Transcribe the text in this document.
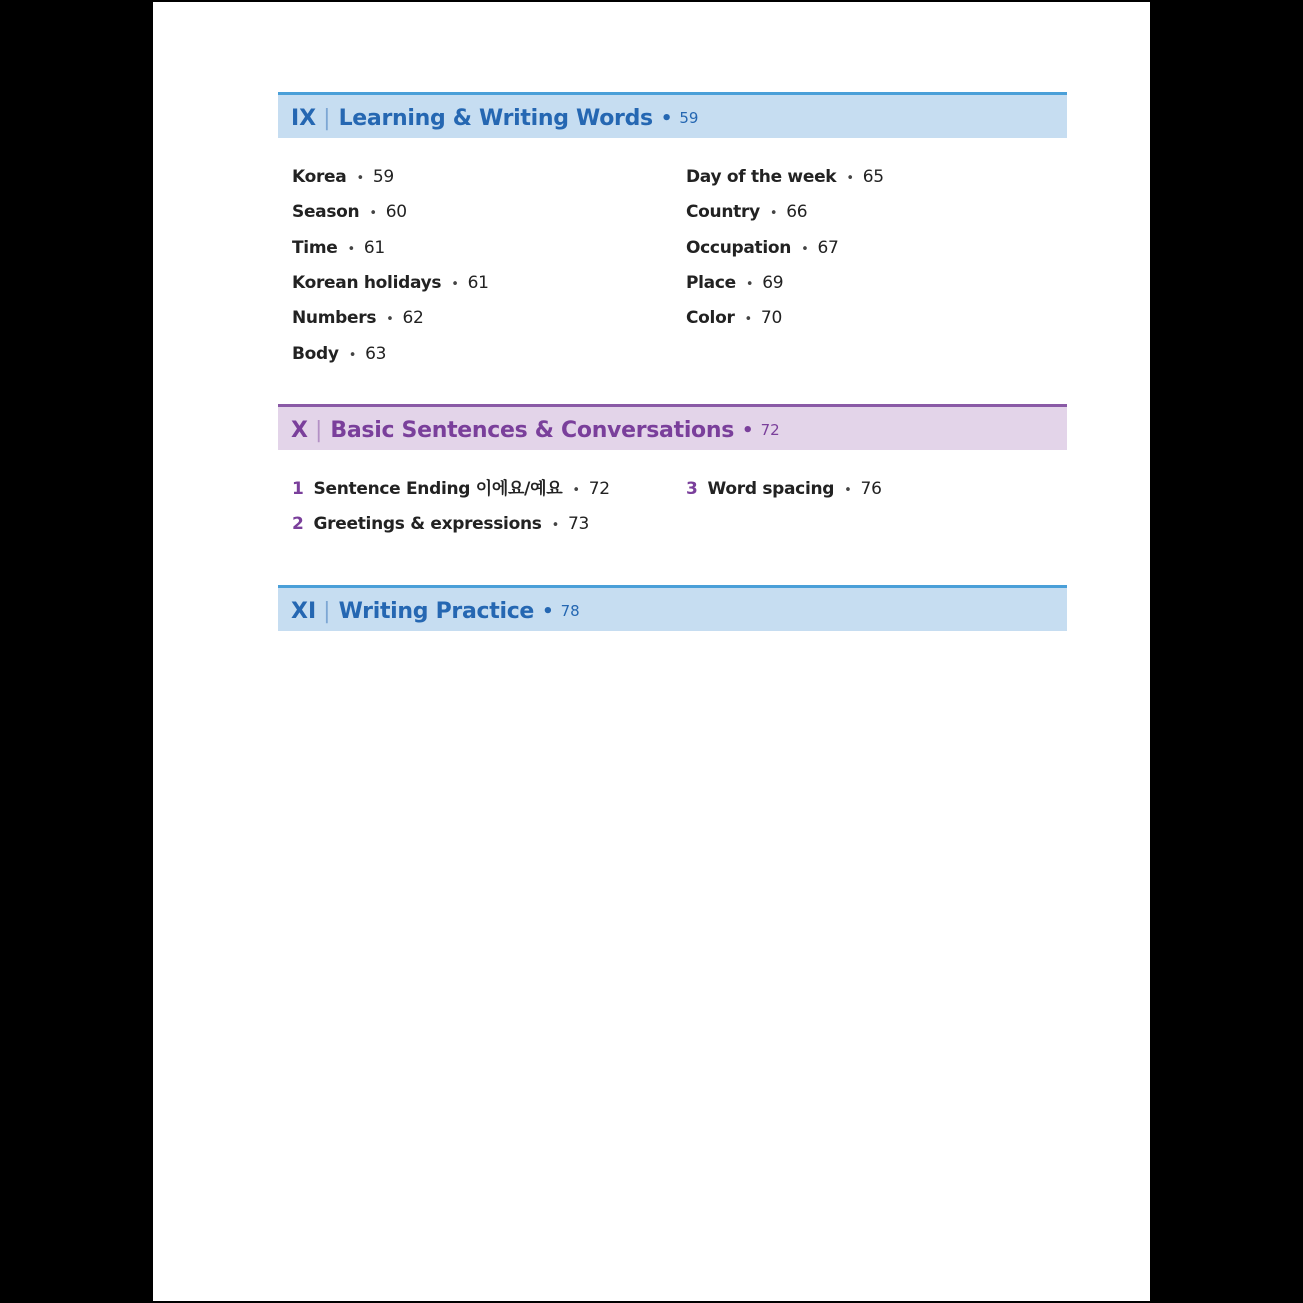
IX | Learning & Writing Words • 59
Korea • 59
Season • 60
Time • 61
Korean holidays • 61
Numbers • 62
Body • 63
Day of the week • 65
Country • 66
Occupation • 67
Place • 69
Color • 70
X | Basic Sentences & Conversations • 72
1 Sentence Ending 이에요/예요 • 72
2 Greetings & expressions • 73
3 Word spacing • 76
XI | Writing Practice • 78
